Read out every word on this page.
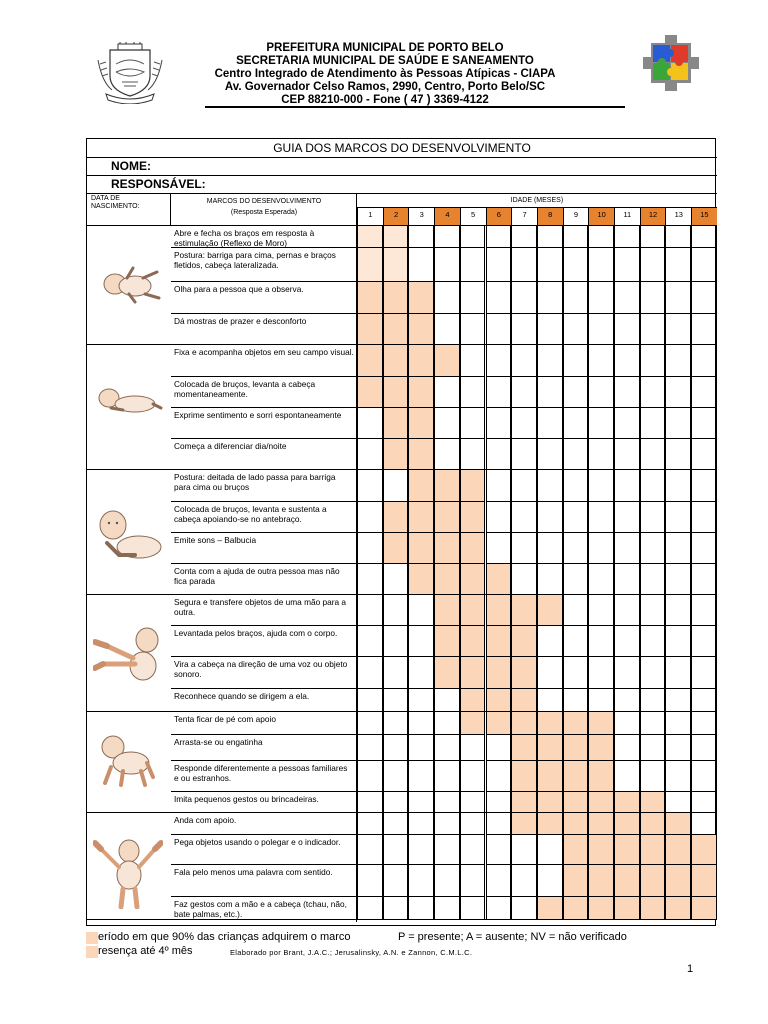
PREFEITURA MUNICIPAL DE PORTO BELO
SECRETARIA MUNICIPAL DE SAÚDE E SANEAMENTO
Centro Integrado de Atendimento às Pessoas Atípicas - CIAPA
Av. Governador Celso Ramos, 2990, Centro, Porto Belo/SC
CEP 88210-000 - Fone ( 47 ) 3369-4122
GUIA DOS MARCOS DO DESENVOLVIMENTO
NOME:
RESPONSÁVEL:
DATA DE NASCIMENTO:
MARCOS DO DESENVOLVIMENTO
(Resposta Esperada)
IDADE (MESES)
1	2	3	4	5	6	7	8	9	10	11	12	13	15
Abre e fecha os braços em resposta à estimulação (Reflexo de Moro)
Postura: barriga para cima, pernas e braços fletidos, cabeça lateralizada.
Olha para a pessoa que a observa.
Dá mostras de prazer e desconforto
Fixa e acompanha objetos em seu campo visual.
Colocada de bruços, levanta a cabeça momentaneamente.
Exprime sentimento e sorri espontaneamente
Começa a diferenciar dia/noite
Postura: deitada de lado passa para barriga para cima ou bruços
Colocada de bruços, levanta e sustenta a cabeça apoiando-se no antebraço.
Emite sons – Balbucia
Conta com a ajuda de outra pessoa mas não fica parada
Segura e transfere objetos de uma mão para a outra.
Levantada pelos braços, ajuda com o corpo.
Vira a cabeça na direção de uma voz ou objeto sonoro.
Reconhece quando se dirigem a ela.
Tenta ficar de pé com apoio
Arrasta-se ou engatinha
Responde diferentemente a pessoas familiares e ou estranhos.
Imita pequenos gestos ou brincadeiras.
Anda com apoio.
Pega objetos usando o polegar e o indicador.
Fala pelo menos uma palavra com sentido.
Faz gestos com a mão e a cabeça (tchau, não, bate palmas, etc.).
eríodo em que 90% das crianças adquirem o marco	P = presente; A = ausente; NV = não verificado
resença até 4º mês	Elaborado por Brant, J.A.C.; Jerusalinsky, A.N. e Zannon, C.M.L.C.
1
